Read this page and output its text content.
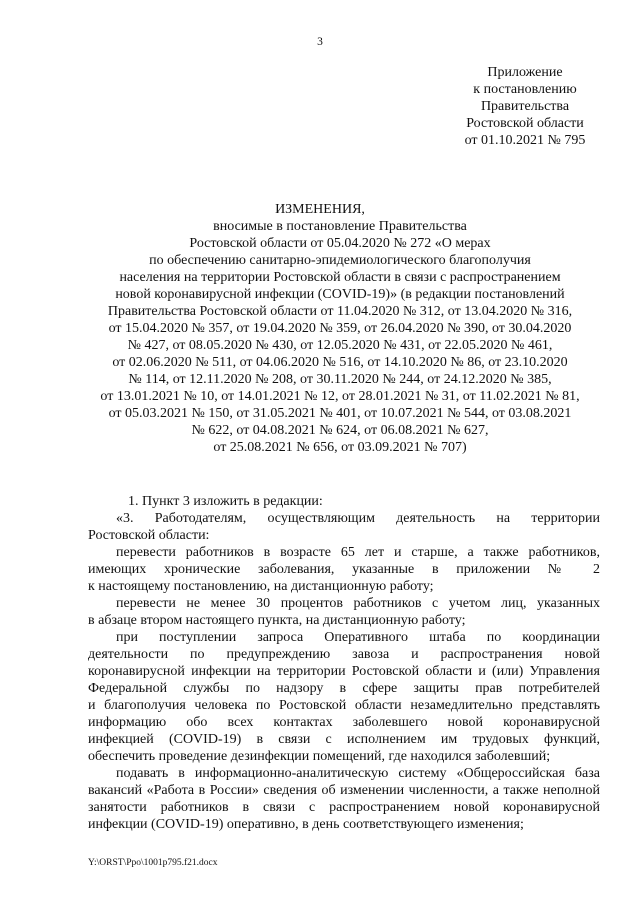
3
Приложение
к постановлению
Правительства
Ростовской области
от 01.10.2021 № 795
ИЗМЕНЕНИЯ,
вносимые в постановление Правительства
Ростовской области от 05.04.2020 № 272 «О мерах
по обеспечению санитарно-эпидемиологического благополучия
населения на территории Ростовской области в связи с распространением
новой коронавирусной инфекции (COVID-19)» (в редакции постановлений
Правительства Ростовской области от 11.04.2020 № 312, от 13.04.2020 № 316,
от 15.04.2020 № 357, от 19.04.2020 № 359, от 26.04.2020 № 390, от 30.04.2020
№ 427, от 08.05.2020 № 430, от 12.05.2020 № 431, от 22.05.2020 № 461,
от 02.06.2020 № 511, от 04.06.2020 № 516, от 14.10.2020 № 86, от 23.10.2020
№ 114, от 12.11.2020 № 208, от 30.11.2020 № 244, от 24.12.2020 № 385,
от 13.01.2021 № 10, от 14.01.2021 № 12, от 28.01.2021 № 31, от 11.02.2021 № 81,
от 05.03.2021 № 150, от 31.05.2021 № 401, от 10.07.2021 № 544, от 03.08.2021
№ 622, от 04.08.2021 № 624, от 06.08.2021 № 627,
от 25.08.2021 № 656, от 03.09.2021 № 707)
1. Пункт 3 изложить в редакции:
«3. Работодателям, осуществляющим деятельность на территории
Ростовской области:
перевести работников в возрасте 65 лет и старше, а также работников,
имеющих хронические заболевания, указанные в приложении № 2
к настоящему постановлению, на дистанционную работу;
перевести не менее 30 процентов работников с учетом лиц, указанных
в абзаце втором настоящего пункта, на дистанционную работу;
при поступлении запроса Оперативного штаба по координации
деятельности по предупреждению завоза и распространения новой
коронавирусной инфекции на территории Ростовской области и (или) Управления
Федеральной службы по надзору в сфере защиты прав потребителей
и благополучия человека по Ростовской области незамедлительно представлять
информацию обо всех контактах заболевшего новой коронавирусной
инфекцией (COVID-19) в связи с исполнением им трудовых функций,
обеспечить проведение дезинфекции помещений, где находился заболевший;
подавать в информационно-аналитическую систему «Общероссийская база
вакансий «Работа в России» сведения об изменении численности, а также неполной
занятости работников в связи с распространением новой коронавирусной
инфекции (COVID-19) оперативно, в день соответствующего изменения;
Y:\ORST\Ppo\1001p795.f21.docx
